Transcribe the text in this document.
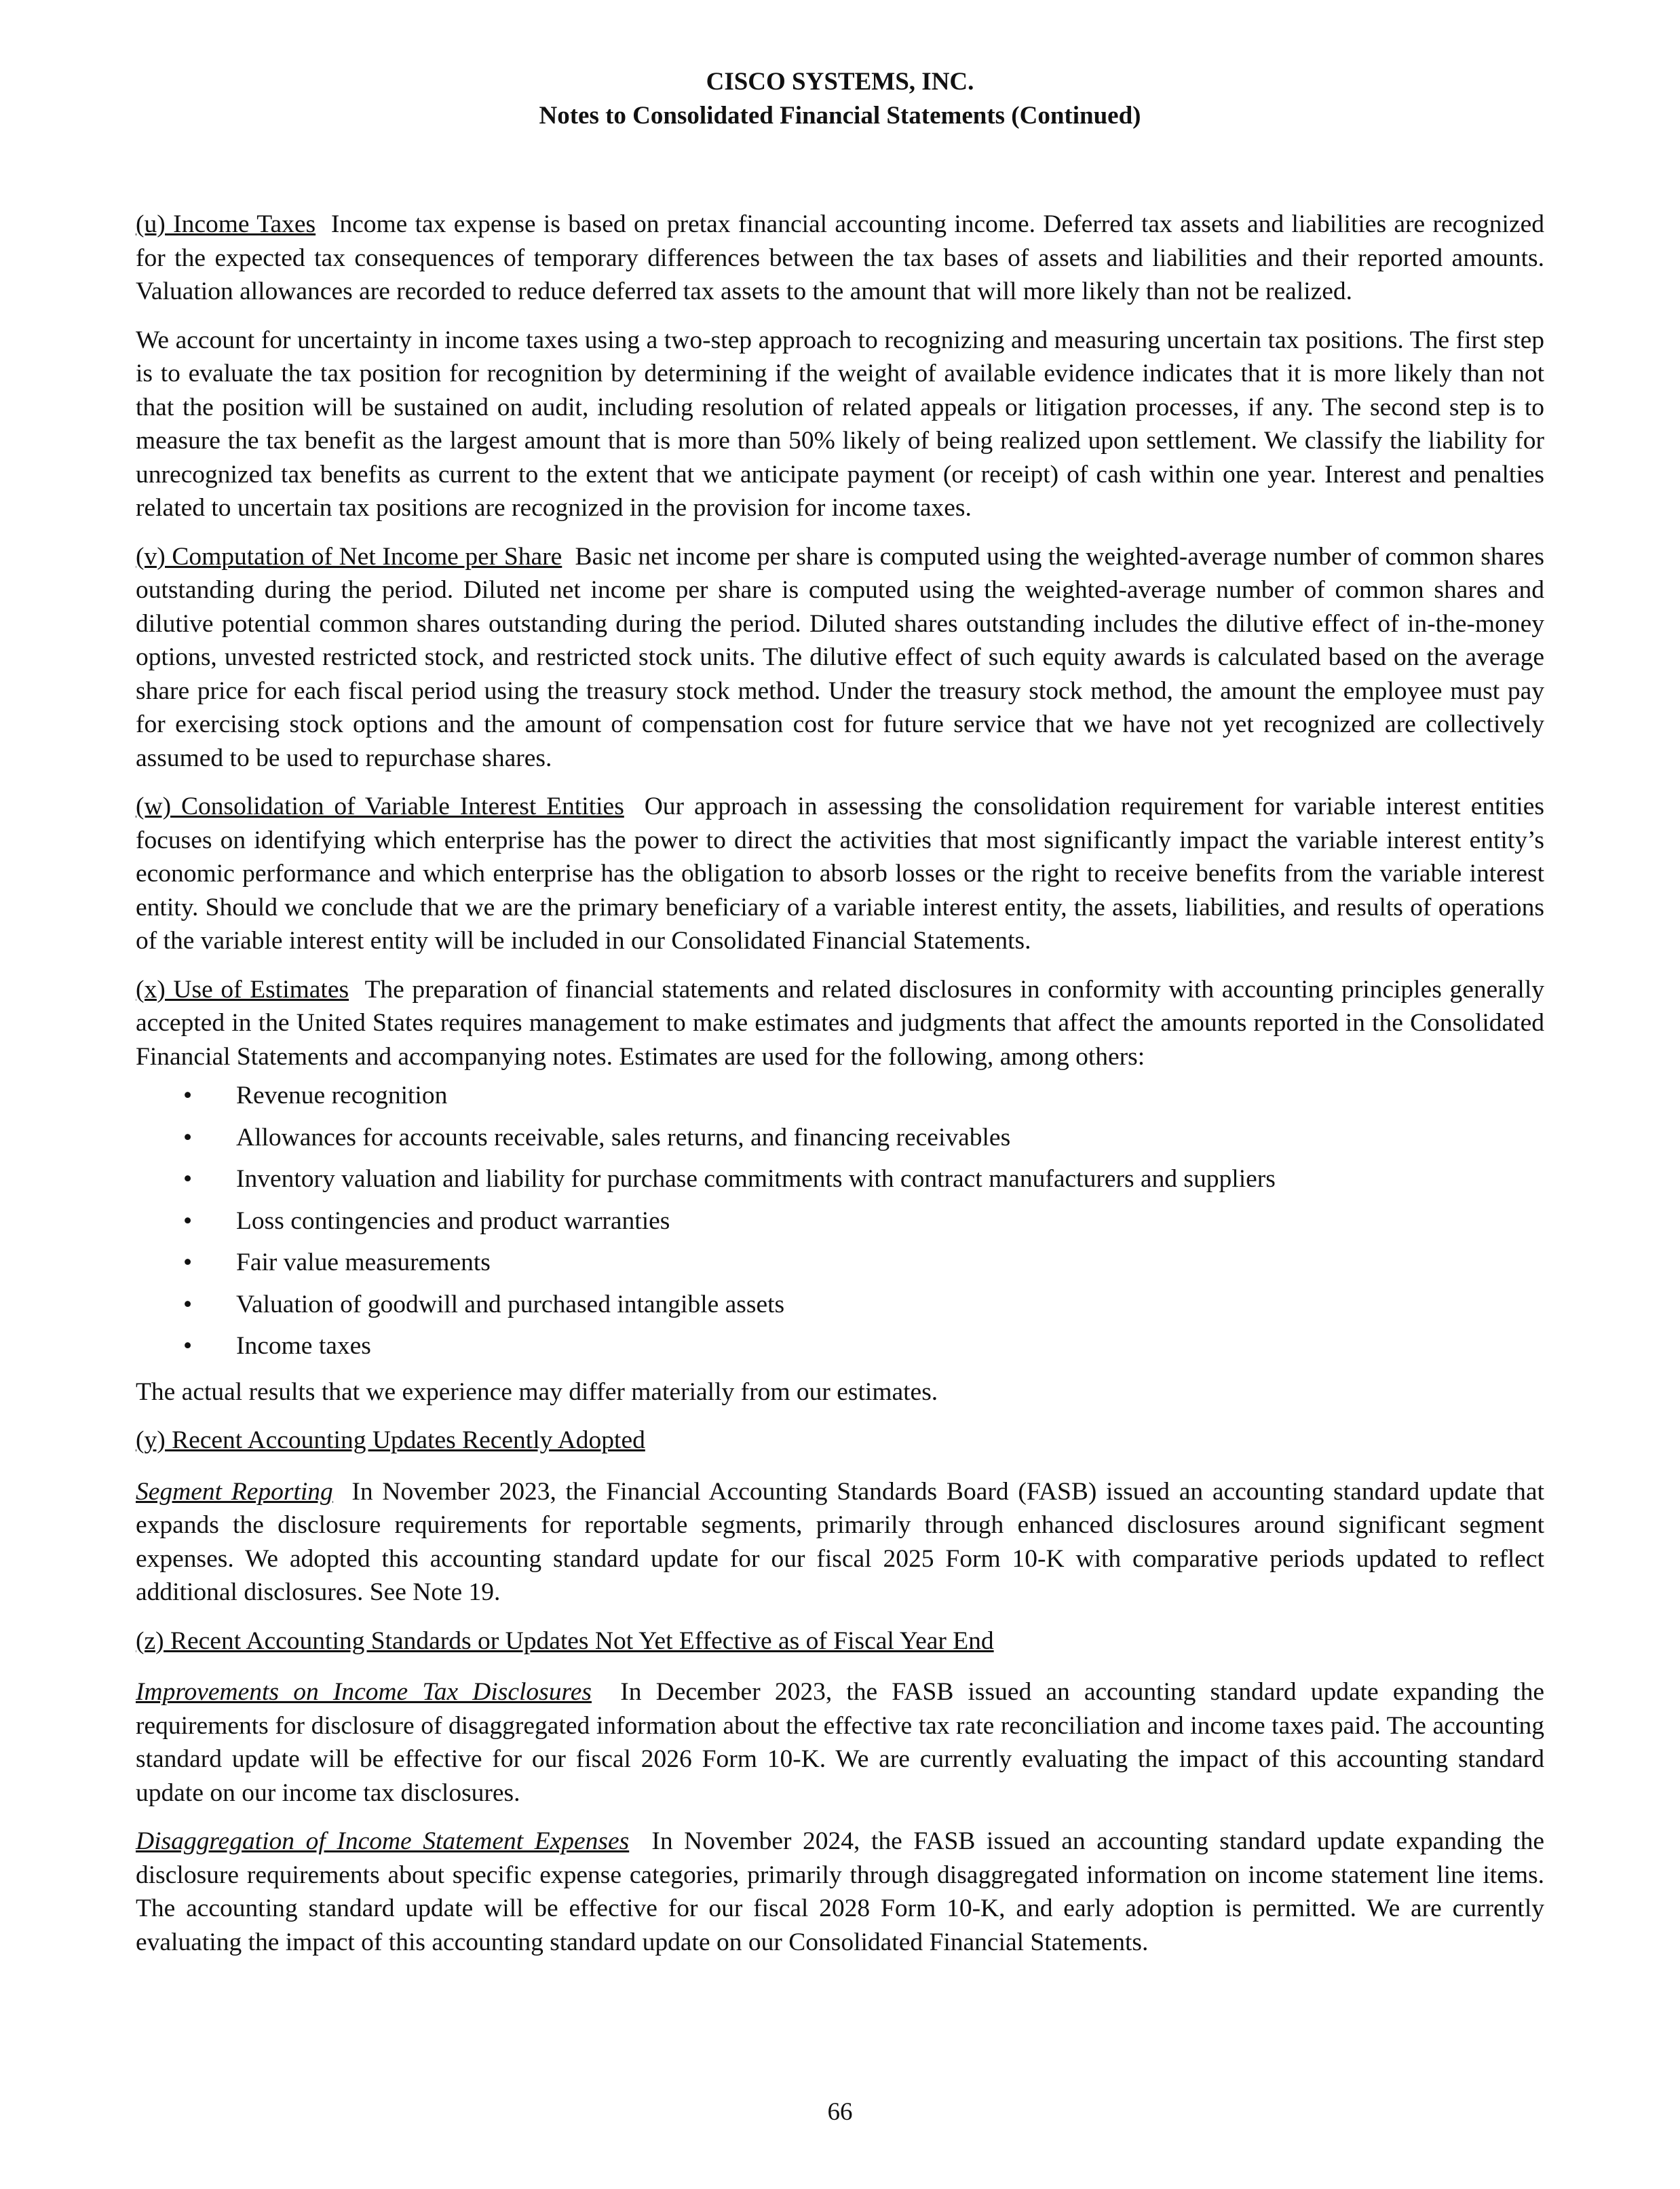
CISCO SYSTEMS, INC.
Notes to Consolidated Financial Statements (Continued)

(u) Income Taxes Income tax expense is based on pretax financial accounting income. Deferred tax assets and liabilities are recognized for the expected tax consequences of temporary differences between the tax bases of assets and liabilities and their reported amounts. Valuation allowances are recorded to reduce deferred tax assets to the amount that will more likely than not be realized.

We account for uncertainty in income taxes using a two-step approach to recognizing and measuring uncertain tax positions. The first step is to evaluate the tax position for recognition by determining if the weight of available evidence indicates that it is more likely than not that the position will be sustained on audit, including resolution of related appeals or litigation processes, if any. The second step is to measure the tax benefit as the largest amount that is more than 50% likely of being realized upon settlement. We classify the liability for unrecognized tax benefits as current to the extent that we anticipate payment (or receipt) of cash within one year. Interest and penalties related to uncertain tax positions are recognized in the provision for income taxes.

(v) Computation of Net Income per Share Basic net income per share is computed using the weighted-average number of common shares outstanding during the period. Diluted net income per share is computed using the weighted-average number of common shares and dilutive potential common shares outstanding during the period. Diluted shares outstanding includes the dilutive effect of in-the-money options, unvested restricted stock, and restricted stock units. The dilutive effect of such equity awards is calculated based on the average share price for each fiscal period using the treasury stock method. Under the treasury stock method, the amount the employee must pay for exercising stock options and the amount of compensation cost for future service that we have not yet recognized are collectively assumed to be used to repurchase shares.

(w) Consolidation of Variable Interest Entities Our approach in assessing the consolidation requirement for variable interest entities focuses on identifying which enterprise has the power to direct the activities that most significantly impact the variable interest entity’s economic performance and which enterprise has the obligation to absorb losses or the right to receive benefits from the variable interest entity. Should we conclude that we are the primary beneficiary of a variable interest entity, the assets, liabilities, and results of operations of the variable interest entity will be included in our Consolidated Financial Statements.

(x) Use of Estimates The preparation of financial statements and related disclosures in conformity with accounting principles generally accepted in the United States requires management to make estimates and judgments that affect the amounts reported in the Consolidated Financial Statements and accompanying notes. Estimates are used for the following, among others:

• Revenue recognition
• Allowances for accounts receivable, sales returns, and financing receivables
• Inventory valuation and liability for purchase commitments with contract manufacturers and suppliers
• Loss contingencies and product warranties
• Fair value measurements
• Valuation of goodwill and purchased intangible assets
• Income taxes

The actual results that we experience may differ materially from our estimates.

(y) Recent Accounting Updates Recently Adopted

Segment Reporting In November 2023, the Financial Accounting Standards Board (FASB) issued an accounting standard update that expands the disclosure requirements for reportable segments, primarily through enhanced disclosures around significant segment expenses. We adopted this accounting standard update for our fiscal 2025 Form 10-K with comparative periods updated to reflect additional disclosures. See Note 19.

(z) Recent Accounting Standards or Updates Not Yet Effective as of Fiscal Year End

Improvements on Income Tax Disclosures In December 2023, the FASB issued an accounting standard update expanding the requirements for disclosure of disaggregated information about the effective tax rate reconciliation and income taxes paid. The accounting standard update will be effective for our fiscal 2026 Form 10-K. We are currently evaluating the impact of this accounting standard update on our income tax disclosures.

Disaggregation of Income Statement Expenses In November 2024, the FASB issued an accounting standard update expanding the disclosure requirements about specific expense categories, primarily through disaggregated information on income statement line items. The accounting standard update will be effective for our fiscal 2028 Form 10-K, and early adoption is permitted. We are currently evaluating the impact of this accounting standard update on our Consolidated Financial Statements.

66
